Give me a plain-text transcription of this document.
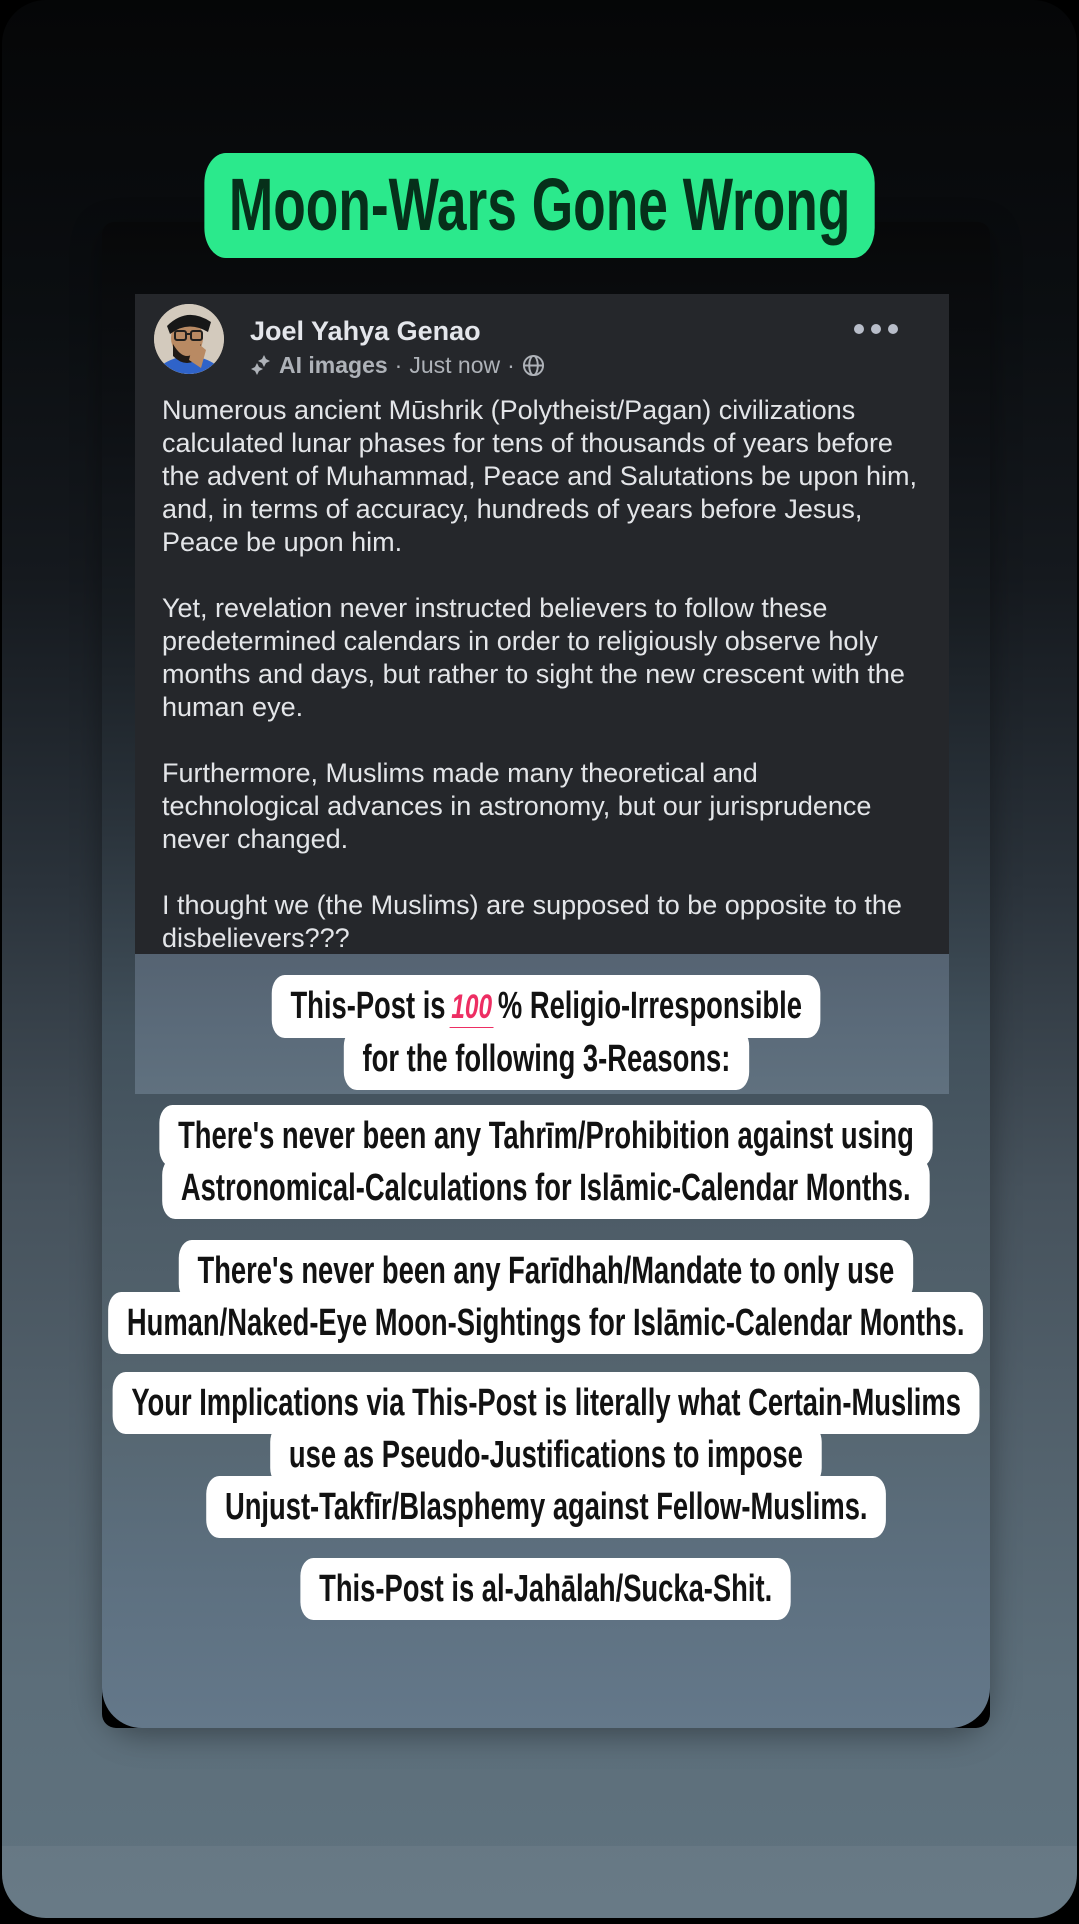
Joel Yahya Genao
AI images · Just now ·

Numerous ancient Mūshrik (Polytheist/Pagan) civilizations calculated lunar phases for tens of thousands of years before the advent of Muhammad, Peace and Salutations be upon him, and, in terms of accuracy, hundreds of years before Jesus, Peace be upon him.

Yet, revelation never instructed believers to follow these predetermined calendars in order to religiously observe holy months and days, but rather to sight the new crescent with the human eye.

Furthermore, Muslims made many theoretical and technological advances in astronomy, but our jurisprudence never changed.

I thought we (the Muslims) are supposed to be opposite to the disbelievers???

This-Post is 100 % Religio-Irresponsible
for the following 3-Reasons:
There's never been any Tahrīm/Prohibition against using
Astronomical-Calculations for Islāmic-Calendar Months.
There's never been any Farīdhah/Mandate to only use
Human/Naked-Eye Moon-Sightings for Islāmic-Calendar Months.
Your Implications via This-Post is literally what Certain-Muslims
use as Pseudo-Justifications to impose
Unjust-Takfīr/Blasphemy against Fellow-Muslims.
This-Post is al-Jahālah/Sucka-Shit.
Moon-Wars Gone Wrong
